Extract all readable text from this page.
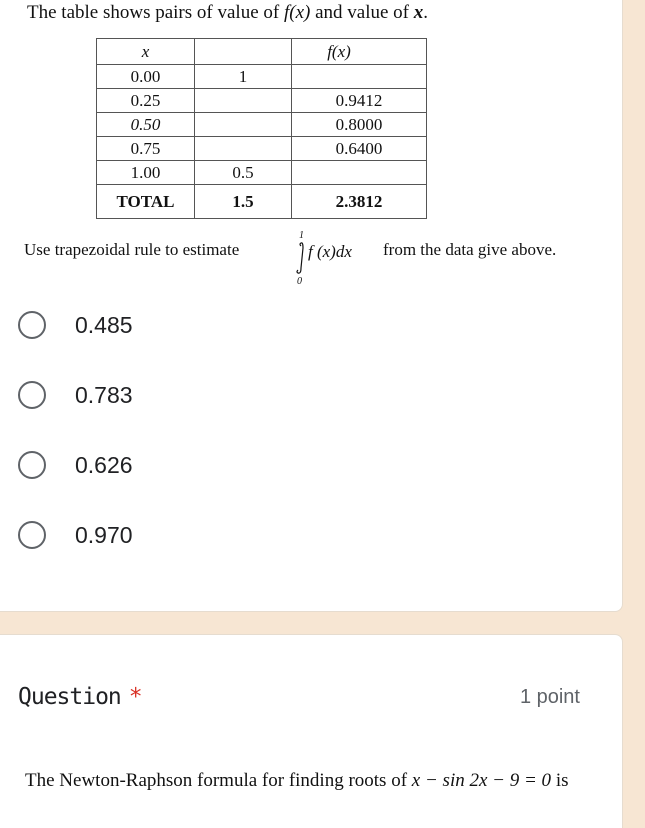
The table shows pairs of value of f(x) and value of x.
x		f(x)
0.00	1	
0.25		0.9412
0.50		0.8000
0.75		0.6400
1.00	0.5	
TOTAL	1.5	2.3812
Use trapezoidal rule to estimate
1
f (x)dx
0
from the data give above.
0.485
0.783
0.626
0.970
Question *	1 point
The Newton-Raphson formula for finding roots of x − sin 2x − 9 = 0 is
